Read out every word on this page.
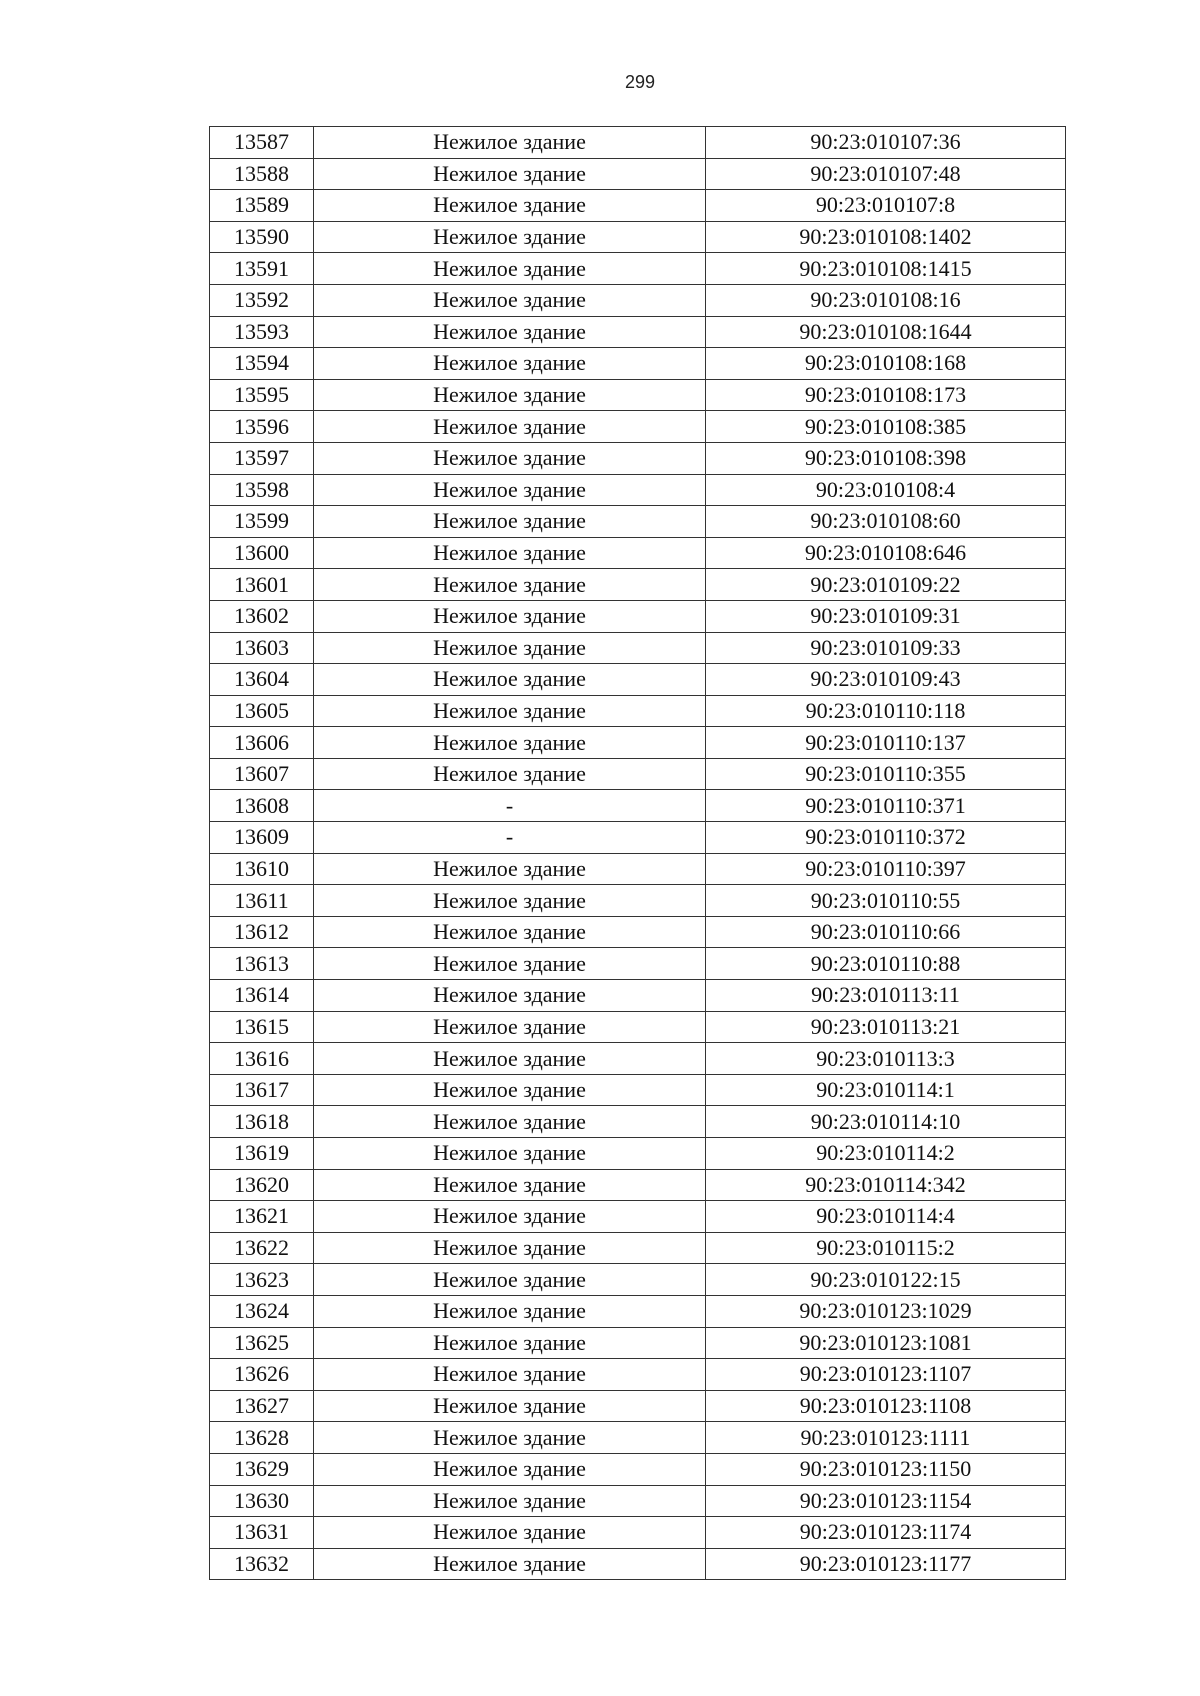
299
13587	Нежилое здание	90:23:010107:36
13588	Нежилое здание	90:23:010107:48
13589	Нежилое здание	90:23:010107:8
13590	Нежилое здание	90:23:010108:1402
13591	Нежилое здание	90:23:010108:1415
13592	Нежилое здание	90:23:010108:16
13593	Нежилое здание	90:23:010108:1644
13594	Нежилое здание	90:23:010108:168
13595	Нежилое здание	90:23:010108:173
13596	Нежилое здание	90:23:010108:385
13597	Нежилое здание	90:23:010108:398
13598	Нежилое здание	90:23:010108:4
13599	Нежилое здание	90:23:010108:60
13600	Нежилое здание	90:23:010108:646
13601	Нежилое здание	90:23:010109:22
13602	Нежилое здание	90:23:010109:31
13603	Нежилое здание	90:23:010109:33
13604	Нежилое здание	90:23:010109:43
13605	Нежилое здание	90:23:010110:118
13606	Нежилое здание	90:23:010110:137
13607	Нежилое здание	90:23:010110:355
13608	-	90:23:010110:371
13609	-	90:23:010110:372
13610	Нежилое здание	90:23:010110:397
13611	Нежилое здание	90:23:010110:55
13612	Нежилое здание	90:23:010110:66
13613	Нежилое здание	90:23:010110:88
13614	Нежилое здание	90:23:010113:11
13615	Нежилое здание	90:23:010113:21
13616	Нежилое здание	90:23:010113:3
13617	Нежилое здание	90:23:010114:1
13618	Нежилое здание	90:23:010114:10
13619	Нежилое здание	90:23:010114:2
13620	Нежилое здание	90:23:010114:342
13621	Нежилое здание	90:23:010114:4
13622	Нежилое здание	90:23:010115:2
13623	Нежилое здание	90:23:010122:15
13624	Нежилое здание	90:23:010123:1029
13625	Нежилое здание	90:23:010123:1081
13626	Нежилое здание	90:23:010123:1107
13627	Нежилое здание	90:23:010123:1108
13628	Нежилое здание	90:23:010123:1111
13629	Нежилое здание	90:23:010123:1150
13630	Нежилое здание	90:23:010123:1154
13631	Нежилое здание	90:23:010123:1174
13632	Нежилое здание	90:23:010123:1177
